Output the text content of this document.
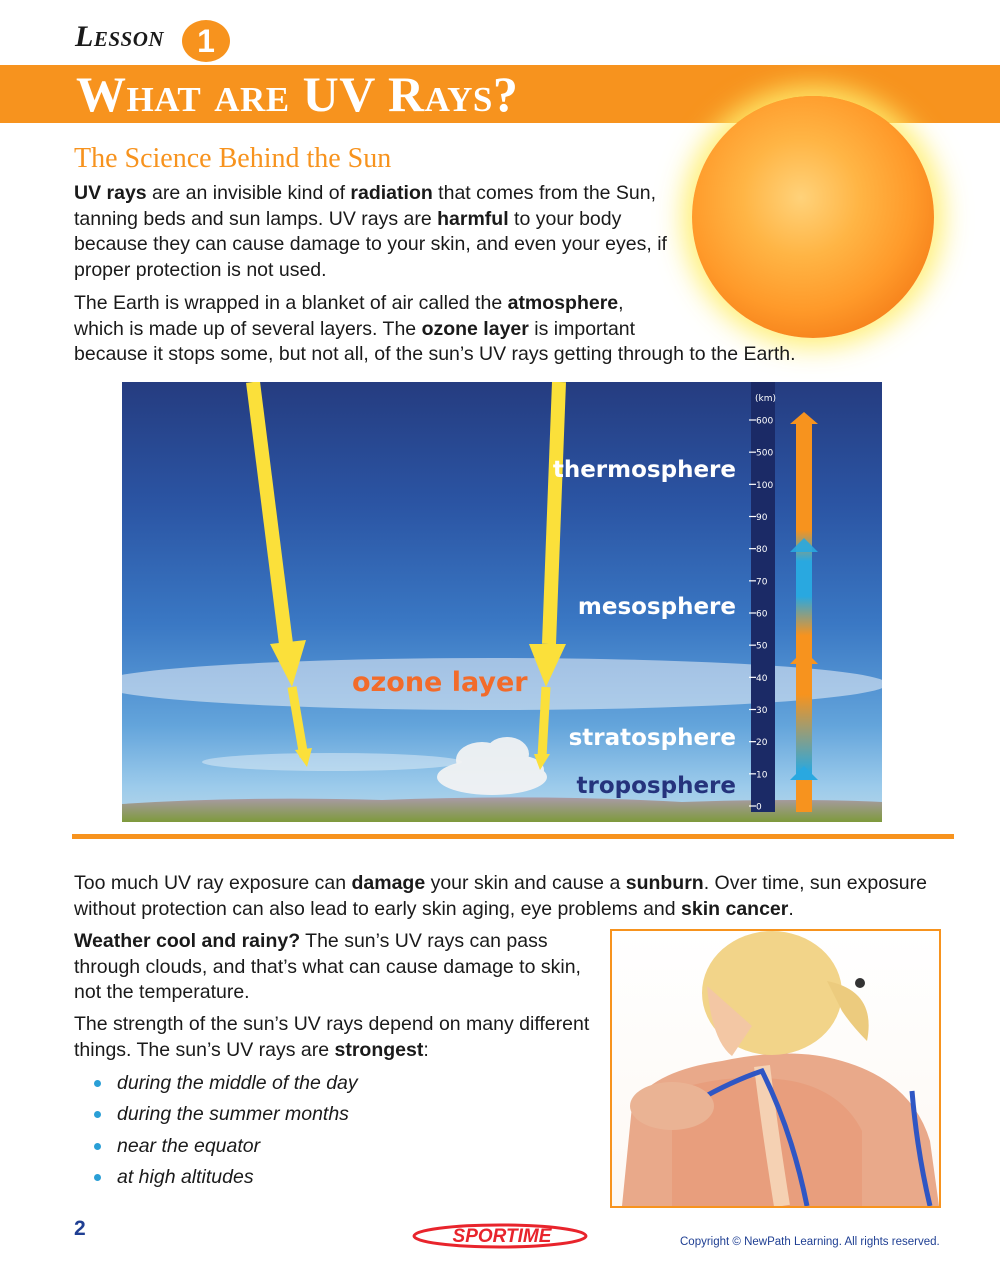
Lesson	1
What are UV Rays?
The Science Behind the Sun
UV rays are an invisible kind of radiation that comes from the Sun, tanning beds and sun lamps. UV rays are harmful to your body because they can cause damage to your skin, and even your eyes, if proper protection is not used.
The Earth is wrapped in a blanket of air called the atmosphere,
which is made up of several layers. The ozone layer is important
because it stops some, but not all, of the sun’s UV rays getting through to the Earth.
thermosphere
mesosphere
ozone layer
stratosphere
troposphere
(km)
600
500
100
90
80
70
60
50
40
30
20
10
0
Too much UV ray exposure can damage your skin and cause a sunburn. Over time, sun exposure without protection can also lead to early skin aging, eye problems and skin cancer.
Weather cool and rainy? The sun’s UV rays can pass through clouds, and that’s what can cause damage to skin, not the temperature.
The strength of the sun’s UV rays depend on many different things. The sun’s UV rays are strongest:
during the middle of the day
during the summer months
near the equator
at high altitudes
2	SPORTIME	Copyright © NewPath Learning. All rights reserved.
